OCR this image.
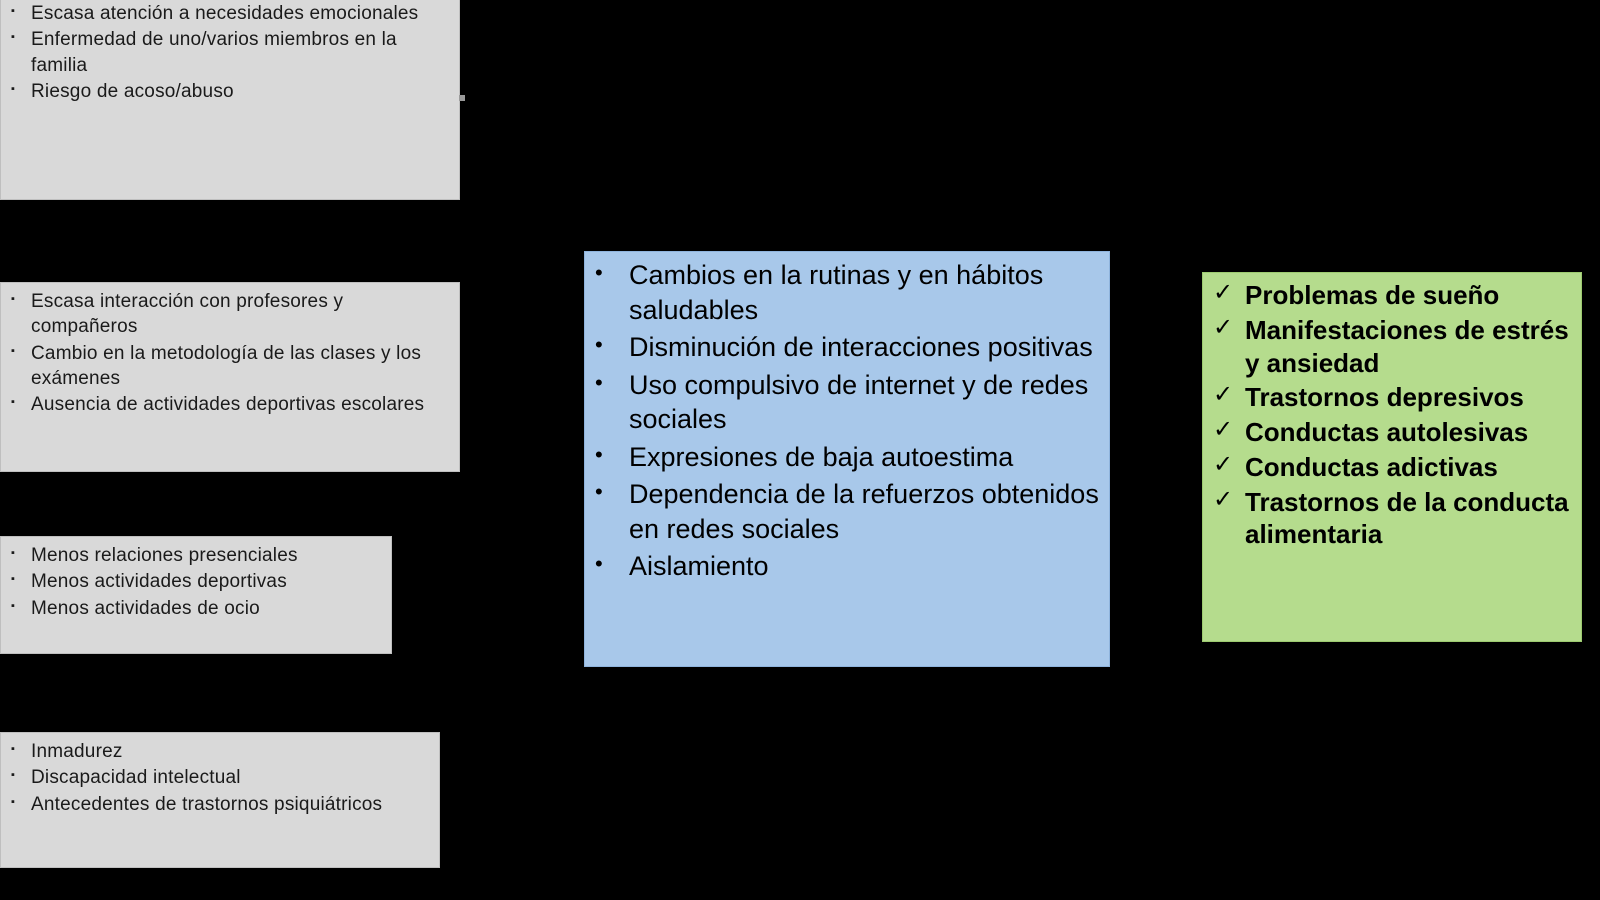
▪ Escasa atención a necesidades emocionales
▪ Enfermedad de uno/varios miembros en la familia
▪ Riesgo de acoso/abuso
▪ Escasa interacción con profesores y compañeros
▪ Cambio en la metodología de las clases y los exámenes
▪ Ausencia de actividades deportivas escolares
▪ Menos relaciones presenciales
▪ Menos actividades deportivas
▪ Menos actividades de ocio
▪ Inmadurez
▪ Discapacidad intelectual
▪ Antecedentes de trastornos psiquiátricos
• Cambios en la rutinas y en hábitos saludables
• Disminución de interacciones positivas
• Uso compulsivo de internet y de redes sociales
• Expresiones de baja autoestima
• Dependencia de la refuerzos obtenidos en redes sociales
• Aislamiento
✓ Problemas de sueño
✓ Manifestaciones de estrés y ansiedad
✓ Trastornos depresivos
✓ Conductas autolesivas
✓ Conductas adictivas
✓ Trastornos de la conducta alimentaria
